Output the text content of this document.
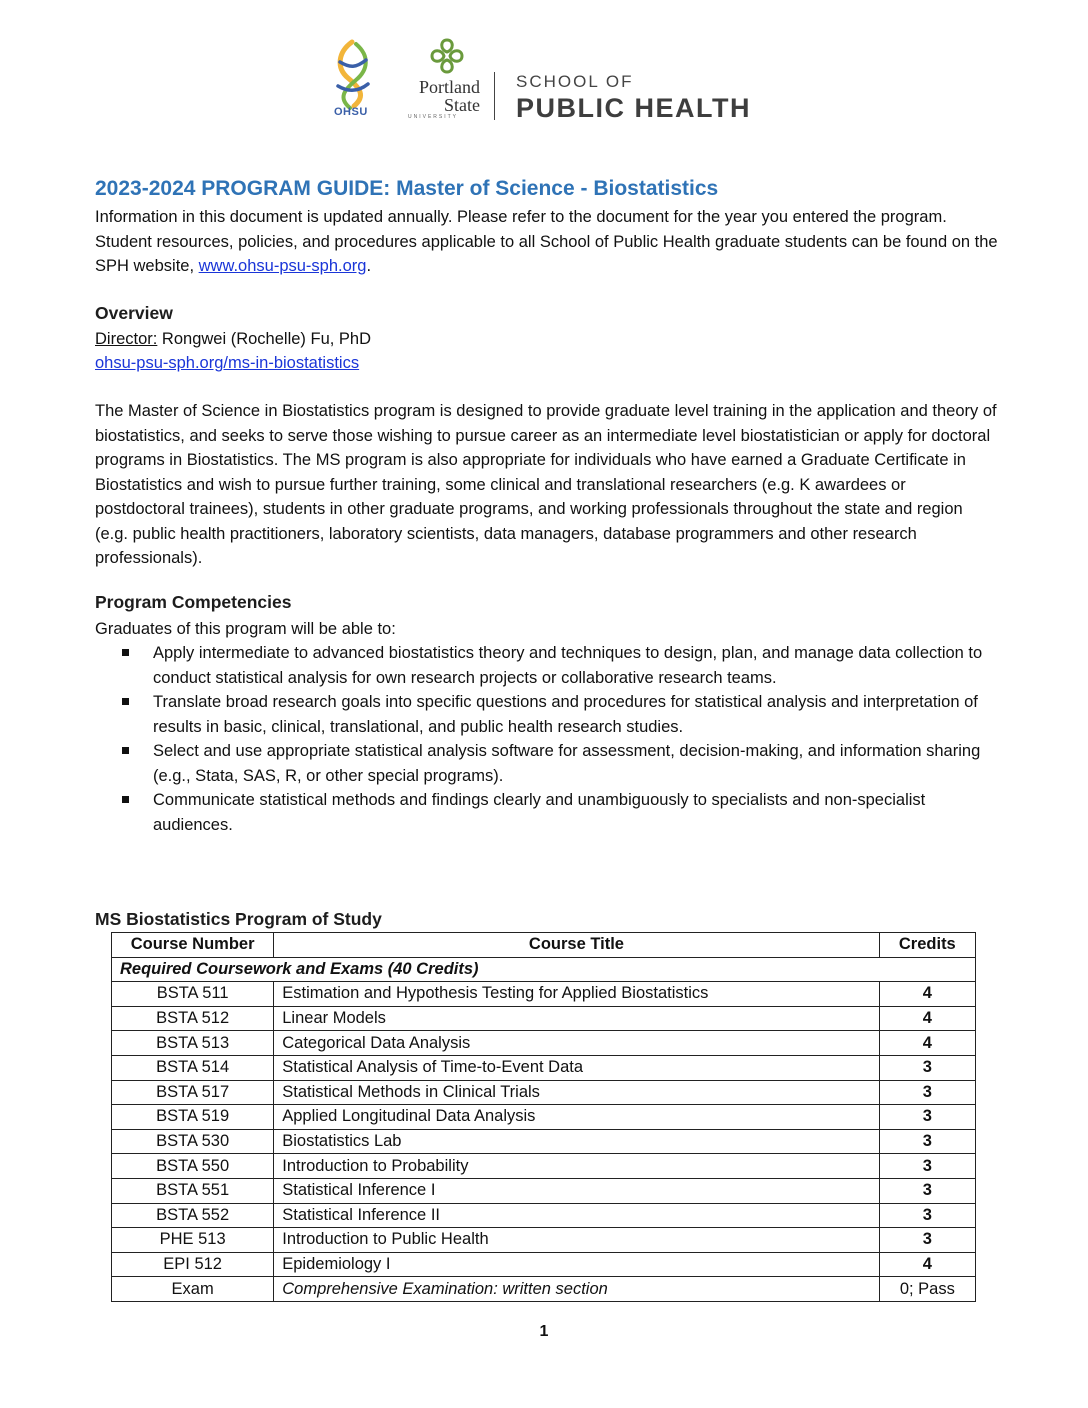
OHSU
Portland
State
UNIVERSITY
SCHOOL OF
PUBLIC HEALTH
2023-2024 PROGRAM GUIDE: Master of Science - Biostatistics
Information in this document is updated annually. Please refer to the document for the year you entered the program. Student resources, policies, and procedures applicable to all School of Public Health graduate students can be found on the SPH website, www.ohsu-psu-sph.org.
Overview
Director: Rongwei (Rochelle) Fu, PhD
ohsu-psu-sph.org/ms-in-biostatistics
The Master of Science in Biostatistics program is designed to provide graduate level training in the application and theory of biostatistics, and seeks to serve those wishing to pursue career as an intermediate level biostatistician or apply for doctoral programs in Biostatistics. The MS program is also appropriate for individuals who have earned a Graduate Certificate in Biostatistics and wish to pursue further training, some clinical and translational researchers (e.g. K awardees or postdoctoral trainees), students in other graduate programs, and working professionals throughout the state and region (e.g. public health practitioners, laboratory scientists, data managers, database programmers and other research professionals).
Program Competencies
Graduates of this program will be able to:
Apply intermediate to advanced biostatistics theory and techniques to design, plan, and manage data collection to conduct statistical analysis for own research projects or collaborative research teams.
Translate broad research goals into specific questions and procedures for statistical analysis and interpretation of results in basic, clinical, translational, and public health research studies.
Select and use appropriate statistical analysis software for assessment, decision-making, and information sharing (e.g., Stata, SAS, R, or other special programs).
Communicate statistical methods and findings clearly and unambiguously to specialists and non-specialist audiences.
MS Biostatistics Program of Study
Course Number	Course Title	Credits
Required Coursework and Exams (40 Credits)		
BSTA 511	Estimation and Hypothesis Testing for Applied Biostatistics	4
BSTA 512	Linear Models	4
BSTA 513	Categorical Data Analysis	4
BSTA 514	Statistical Analysis of Time-to-Event Data	3
BSTA 517	Statistical Methods in Clinical Trials	3
BSTA 519	Applied Longitudinal Data Analysis	3
BSTA 530	Biostatistics Lab	3
BSTA 550	Introduction to Probability	3
BSTA 551	Statistical Inference I	3
BSTA 552	Statistical Inference II	3
PHE 513	Introduction to Public Health	3
EPI 512	Epidemiology I	4
Exam	Comprehensive Examination: written section	0; Pass
1
